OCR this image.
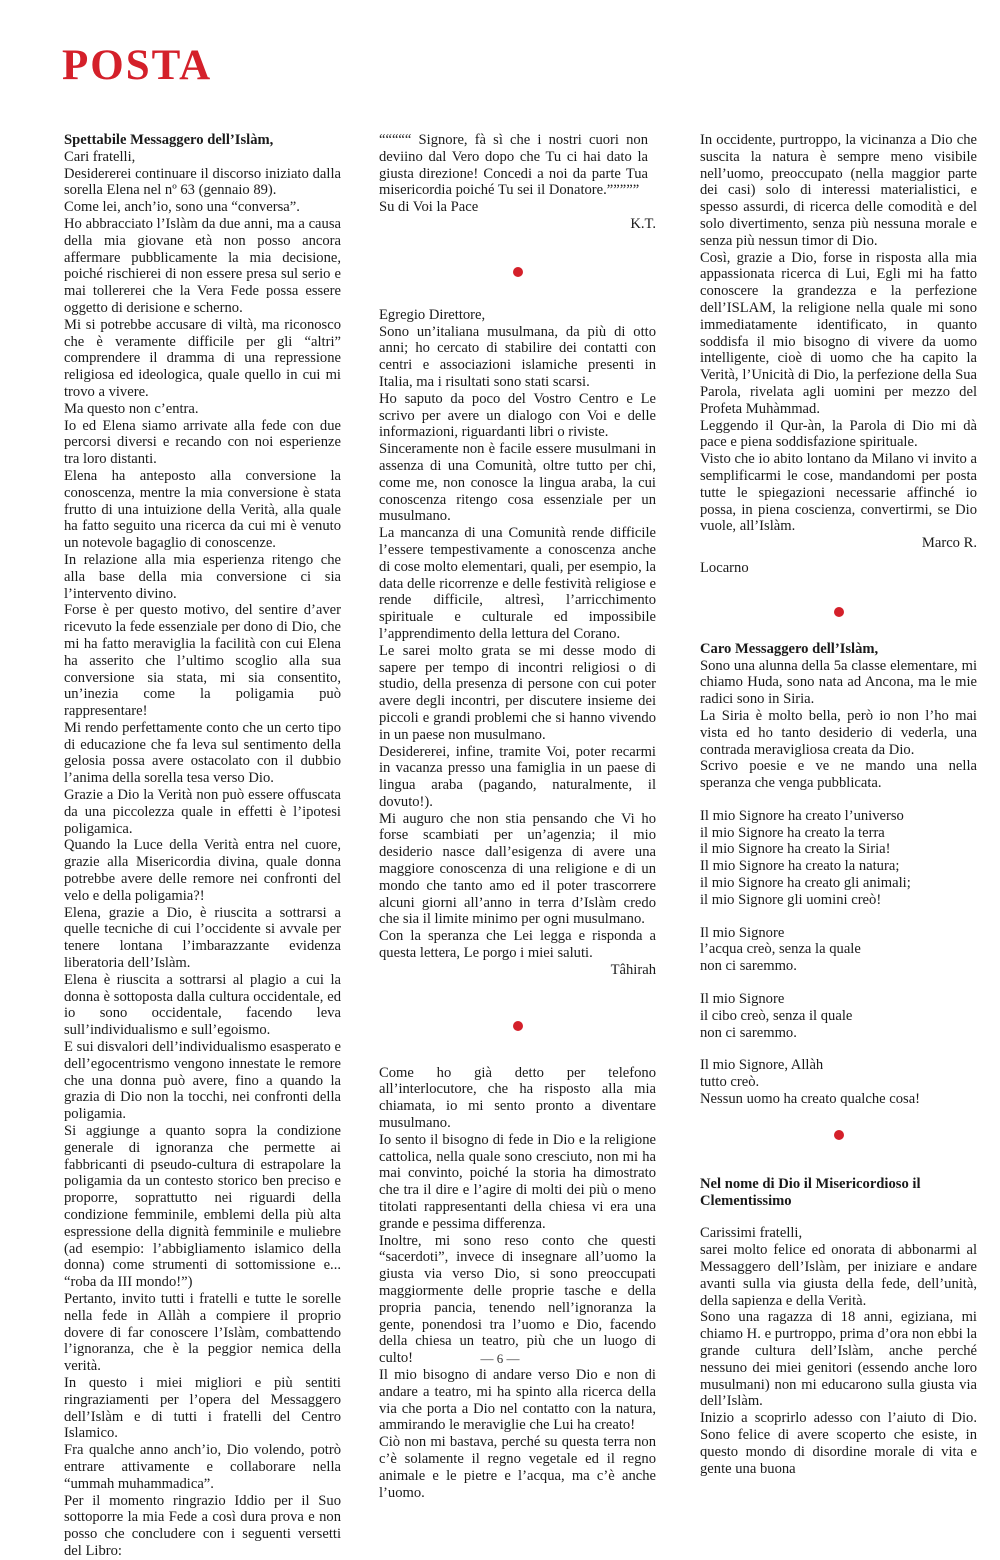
POSTA

Spettabile Messaggero dell’Islàm,

Cari fratelli,

Desidererei continuare il discorso iniziato dalla sorella Elena nel nº 63 (gennaio 89).

Come lei, anch’io, sono una “conversa”.

Ho abbracciato l’Islàm da due anni, ma a causa della mia giovane età non posso ancora affermare pubblicamente la mia decisione, poiché rischierei di non essere presa sul serio e mai tollererei che la Vera Fede possa essere oggetto di derisione e scherno.

Mi si potrebbe accusare di viltà, ma riconosco che è veramente difficile per gli “altri” comprendere il dramma di una repressione religiosa ed ideologica, quale quello in cui mi trovo a vivere.

Ma questo non c’entra.

Io ed Elena siamo arrivate alla fede con due percorsi diversi e recando con noi esperienze tra loro distanti.

Elena ha anteposto alla conversione la conoscenza, mentre la mia conversione è stata frutto di una intuizione della Verità, alla quale ha fatto seguito una ricerca da cui mi è venuto un notevole bagaglio di conoscenze.

In relazione alla mia esperienza ritengo che alla base della mia conversione ci sia l’intervento divino.

Forse è per questo motivo, del sentire d’aver ricevuto la fede essenziale per dono di Dio, che mi ha fatto meraviglia la facilità con cui Elena ha asserito che l’ultimo scoglio alla sua conversione sia stata, mi sia consentito, un’inezia come la poligamia può rappresentare!

Mi rendo perfettamente conto che un certo tipo di educazione che fa leva sul sentimento della gelosia possa avere ostacolato con il dubbio l’anima della sorella tesa verso Dio.

Grazie a Dio la Verità non può essere offuscata da una piccolezza quale in effetti è l’ipotesi poligamica.

Quando la Luce della Verità entra nel cuore, grazie alla Misericordia divina, quale donna potrebbe avere delle remore nei confronti del velo e della poligamia?!

Elena, grazie a Dio, è riuscita a sottrarsi a quelle tecniche di cui l’occidente si avvale per tenere lontana l’imbarazzante evidenza liberatoria dell’Islàm.

Elena è riuscita a sottrarsi al plagio a cui la donna è sottoposta dalla cultura occidentale, ed io sono occidentale, facendo leva sull’individualismo e sull’egoismo.

E sui disvalori dell’individualismo esasperato e dell’egocentrismo vengono innestate le remore che una donna può avere, fino a quando la grazia di Dio non la tocchi, nei confronti della poligamia.

Si aggiunge a quanto sopra la condizione generale di ignoranza che permette ai fabbricanti di pseudo-cultura di estrapolare la poligamia da un contesto storico ben preciso e proporre, soprattutto nei riguardi della condizione femminile, emblemi della più alta espressione della dignità femminile e muliebre (ad esempio: l’abbigliamento islamico della donna) come strumenti di sottomissione e... “roba da III mondo!”)

Pertanto, invito tutti i fratelli e tutte le sorelle nella fede in Allàh a compiere il proprio dovere di far conoscere l’Islàm, combattendo l’ignoranza, che è la peggior nemica della verità.

In questo i miei migliori e più sentiti ringraziamenti per l’opera del Messaggero dell’Islàm e di tutti i fratelli del Centro Islamico.

Fra qualche anno anch’io, Dio volendo, potrò entrare attivamente e collaborare nella “ummah muhammadica”.

Per il momento ringrazio Iddio per il Suo sottoporre la mia Fede a così dura prova e non posso che concludere con i seguenti versetti del Libro:

“““““ Signore, fà sì che i nostri cuori non deviino dal Vero dopo che Tu ci hai dato la giusta direzione! Concedi a noi da parte Tua misericordia poiché Tu sei il Donatore.”””””

Su di Voi la Pace

K.T.

Egregio Direttore,

Sono un’italiana musulmana, da più di otto anni; ho cercato di stabilire dei contatti con centri e associazioni islamiche presenti in Italia, ma i risultati sono stati scarsi.

Ho saputo da poco del Vostro Centro e Le scrivo per avere un dialogo con Voi e delle informazioni, riguardanti libri o riviste.

Sinceramente non è facile essere musulmani in assenza di una Comunità, oltre tutto per chi, come me, non conosce la lingua araba, la cui conoscenza ritengo cosa essenziale per un musulmano.

La mancanza di una Comunità rende difficile l’essere tempestivamente a conoscenza anche di cose molto elementari, quali, per esempio, la data delle ricorrenze e delle festività religiose e rende difficile, altresì, l’arricchimento spirituale e culturale ed impossibile l’apprendimento della lettura del Corano.

Le sarei molto grata se mi desse modo di sapere per tempo di incontri religiosi o di studio, della presenza di persone con cui poter avere degli incontri, per discutere insieme dei piccoli e grandi problemi che si hanno vivendo in un paese non musulmano.

Desidererei, infine, tramite Voi, poter recarmi in vacanza presso una famiglia in un paese di lingua araba (pagando, naturalmente, il dovuto!).

Mi auguro che non stia pensando che Vi ho forse scambiati per un’agenzia; il mio desiderio nasce dall’esigenza di avere una maggiore conoscenza di una religione e di un mondo che tanto amo ed il poter trascorrere alcuni giorni all’anno in terra d’Islàm credo che sia il limite minimo per ogni musulmano.

Con la speranza che Lei legga e risponda a questa lettera, Le porgo i miei saluti.

Tâhirah

Come ho già detto per telefono all’interlocutore, che ha risposto alla mia chiamata, io mi sento pronto a diventare musulmano.

Io sento il bisogno di fede in Dio e la religione cattolica, nella quale sono cresciuto, non mi ha mai convinto, poiché la storia ha dimostrato che tra il dire e l’agire di molti dei più o meno titolati rappresentanti della chiesa vi era una grande e pessima differenza.

Inoltre, mi sono reso conto che questi “sacerdoti”, invece di insegnare all’uomo la giusta via verso Dio, si sono preoccupati maggiormente delle proprie tasche e della propria pancia, tenendo nell’ignoranza la gente, ponendosi tra l’uomo e Dio, facendo della chiesa un teatro, più che un luogo di culto!

Il mio bisogno di andare verso Dio e non di andare a teatro, mi ha spinto alla ricerca della via che porta a Dio nel contatto con la natura, ammirando le meraviglie che Lui ha creato!

Ciò non mi bastava, perché su questa terra non c’è solamente il regno vegetale ed il regno animale e le pietre e l’acqua, ma c’è anche l’uomo.

In occidente, purtroppo, la vicinanza a Dio che suscita la natura è sempre meno visibile nell’uomo, preoccupato (nella maggior parte dei casi) solo di interessi materialistici, e spesso assurdi, di ricerca delle comodità e del solo divertimento, senza più nessuna morale e senza più nessun timor di Dio.

Così, grazie a Dio, forse in risposta alla mia appassionata ricerca di Lui, Egli mi ha fatto conoscere la grandezza e la perfezione dell’ISLAM, la religione nella quale mi sono immediatamente identificato, in quanto soddisfa il mio bisogno di vivere da uomo intelligente, cioè di uomo che ha capito la Verità, l’Unicità di Dio, la perfezione della Sua Parola, rivelata agli uomini per mezzo del Profeta Muhàmmad.

Leggendo il Qur-àn, la Parola di Dio mi dà pace e piena soddisfazione spirituale.

Visto che io abito lontano da Milano vi invito a semplificarmi le cose, mandandomi per posta tutte le spiegazioni necessarie affinché io possa, in piena coscienza, convertirmi, se Dio vuole, all’Islàm.

Marco R.

Locarno

Caro Messaggero dell’Islàm,

Sono una alunna della 5a classe elementare, mi chiamo Huda, sono nata ad Ancona, ma le mie radici sono in Siria.

La Siria è molto bella, però io non l’ho mai vista ed ho tanto desiderio di vederla, una contrada meravigliosa creata da Dio.

Scrivo poesie e ve ne mando una nella speranza che venga pubblicata.

Il mio Signore ha creato l’universo

il mio Signore ha creato la terra

il mio Signore ha creato la Siria!

Il mio Signore ha creato la natura;

il mio Signore ha creato gli animali;

il mio Signore gli uomini creò!

Il mio Signore

l’acqua creò, senza la quale

non ci saremmo.

Il mio Signore

il cibo creò, senza il quale

non ci saremmo.

Il mio Signore, Allàh

tutto creò.

Nessun uomo ha creato qualche cosa!

Nel nome di Dio il Misericordioso il Clementissimo

Carissimi fratelli,

sarei molto felice ed onorata di abbonarmi al Messaggero dell’Islàm, per iniziare e andare avanti sulla via giusta della fede, dell’unità, della sapienza e della Verità.

Sono una ragazza di 18 anni, egiziana, mi chiamo H. e purtroppo, prima d’ora non ebbi la grande cultura dell’Islàm, anche perché nessuno dei miei genitori (essendo anche loro musulmani) non mi educarono sulla giusta via dell’Islàm.

Inizio a scoprirlo adesso con l’aiuto di Dio. Sono felice di avere scoperto che esiste, in questo mondo di disordine morale di vita e gente una buona

— 6 —
